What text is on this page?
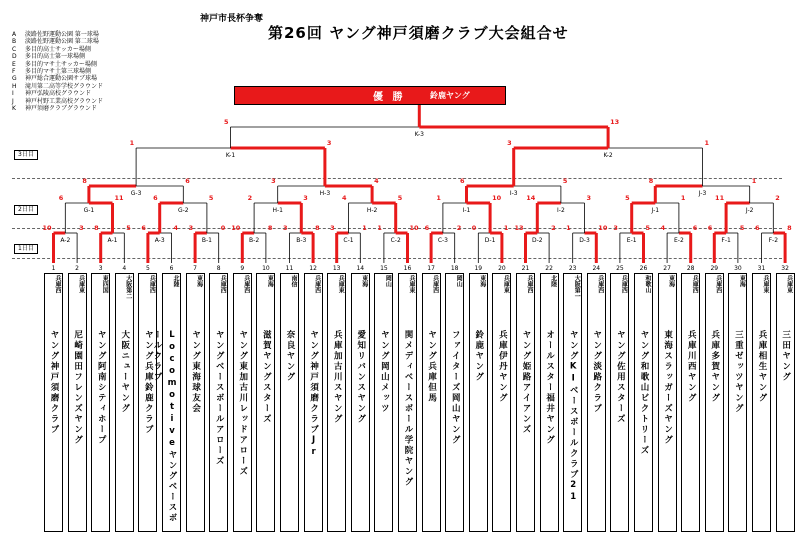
神戸市長杯争奪
第26回 ヤング神戸須磨クラブ大会組合せ
A 淡路佐野運動公園 第一球場
B 淡路佐野運動公園 第二球場
C 多目的高士サッカー場側
D 多目的高士第一球場側
E 多目的マサ土サッカー場側
F 多目的マサ土第三球場側
G 神戸総合運動公園サブ球場
H 滝川第二高等学校グラウンド
I 神戸弘陵高校グラウンド
J 神戸村野工業高校グラウンド
K 神戸須磨クラブグラウンド
A-2
10	3
A-1
8	5
A-3
6	4
B-1
3	0
B-2
10	8
B-3
3	8
C-1
3	1
C-2
1	10
C-3
6	2
D-1
0	1
D-2
13	2
D-3
1	10
E-1
3	5
E-2
4	6
F-1
6	5
F-2
6	8
G-1
6	11
G-2
6	5
H-1
2	3
H-2
4	5
I-1
1	10
I-2
14	3
J-1
5	1
J-2
11	2
G-3
8	6
H-3
3	4
I-3
6	5
J-3
8	1
K-1
1	3
K-2
3	1
K-3
5	13
3日目
2日目
1日目
優 勝	鈴鹿ヤング
1
兵庫西
ヤング神戸須磨クラブ
2
兵庫東
尼崎園田フレンズヤング
3
東四国
ヤング阿南シティホープ
4
大阪第二
大阪ニューヤング
5
兵庫西
ヤング兵庫鈴鹿クラブ
6
北陸
Locomotiveヤングベースボールクラブ
7
東海
ヤング東海球友会
8
兵庫西
ヤングベースボールアローズ
9
兵庫西
ヤング東加古川レッドアローズ
10
東海
滋賀ヤングスターズ
11
南信
奈良ヤング
12
兵庫西
ヤング神戸須磨クラブJr
13
兵庫東
兵庫加古川スヤング
14
東海
愛知リバンスヤング
15
岡山
ヤング岡山メッツ
16
兵庫東
関メディベースボール学院ヤング
17
兵庫西
ヤング兵庫但馬
18
岡山
ファイターズ岡山ヤング
19
東海
鈴鹿ヤング
20
兵庫東
兵庫伊丹ヤング
21
兵庫西
ヤング姫路アイアンズ
22
北陸
オールスター福井ヤング
23
大阪第一
ヤングKIベースボールクラブ21
24
兵庫西
ヤング淡路クラブ
25
兵庫西
ヤング佐用スターズ
26
和歌山
ヤング和歌山ビクトリーズ
27
東海
東海スラッガーズヤング
28
兵庫西
兵庫川西ヤング
29
兵庫西
兵庫多賀ヤング
30
東海
三重ゼッツヤング
31
兵庫東
兵庫相生ヤング
32
兵庫東
三田ヤング
